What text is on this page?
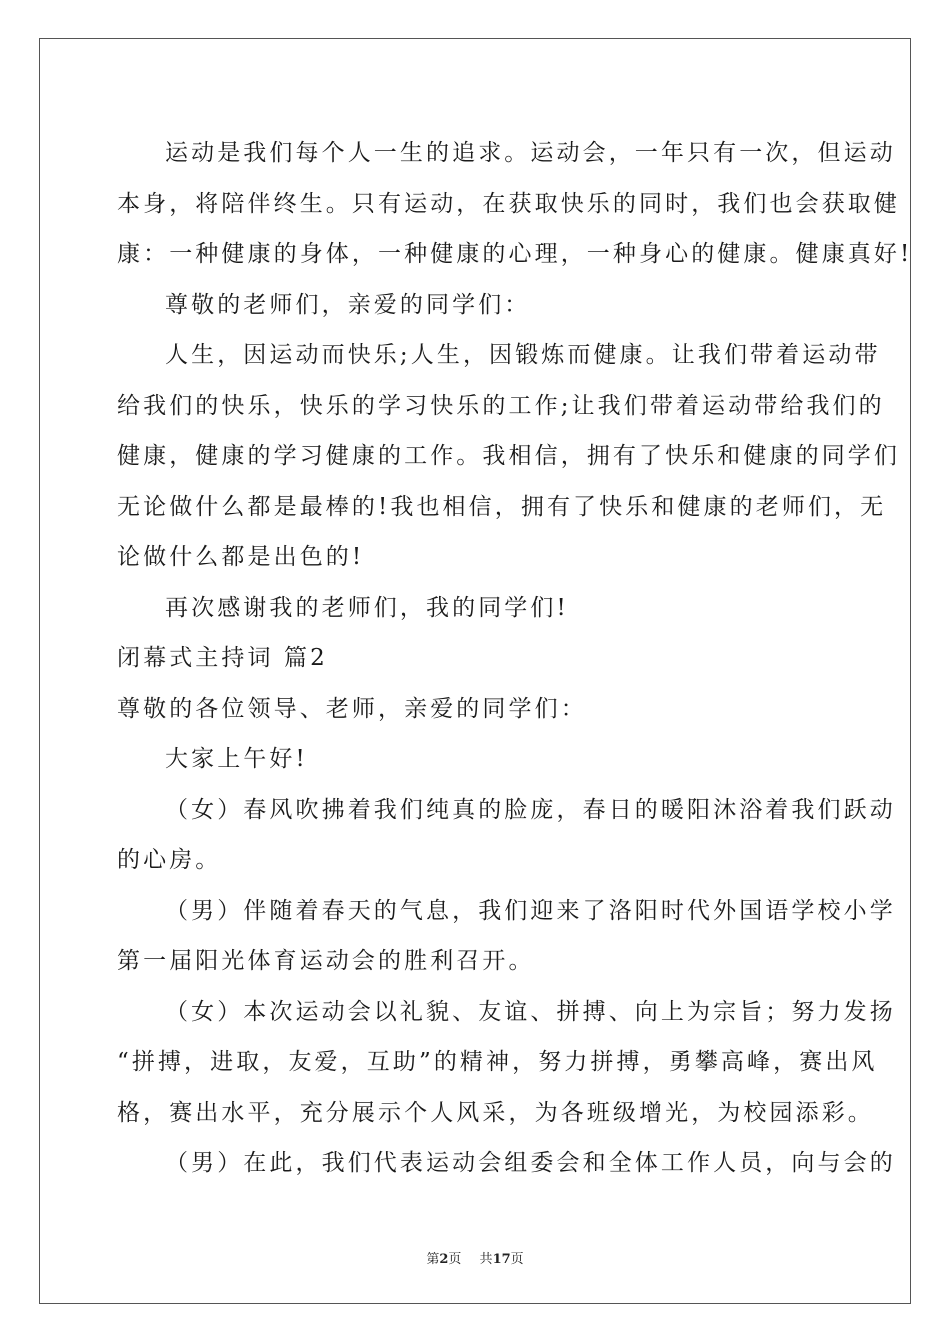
运动是我们每个人一生的追求。运动会，一年只有一次，但运动
本身，将陪伴终生。只有运动，在获取快乐的同时，我们也会获取健
康：一种健康的身体，一种健康的心理，一种身心的健康。健康真好!
尊敬的老师们，亲爱的同学们：
人生，因运动而快乐;人生，因锻炼而健康。让我们带着运动带
给我们的快乐，快乐的学习快乐的工作;让我们带着运动带给我们的
健康，健康的学习健康的工作。我相信，拥有了快乐和健康的同学们
无论做什么都是最棒的!我也相信，拥有了快乐和健康的老师们，无
论做什么都是出色的!
再次感谢我的老师们，我的同学们!
闭幕式主持词 篇2
尊敬的各位领导、老师，亲爱的同学们：
大家上午好!
（女）春风吹拂着我们纯真的脸庞，春日的暖阳沐浴着我们跃动
的心房。
（男）伴随着春天的气息，我们迎来了洛阳时代外国语学校小学
第一届阳光体育运动会的胜利召开。
（女）本次运动会以礼貌、友谊、拼搏、向上为宗旨；努力发扬
“拼搏，进取，友爱，互助”的精神，努力拼搏，勇攀高峰，赛出风
格，赛出水平，充分展示个人风采，为各班级增光，为校园添彩。
（男）在此，我们代表运动会组委会和全体工作人员，向与会的
第2页 共17页
